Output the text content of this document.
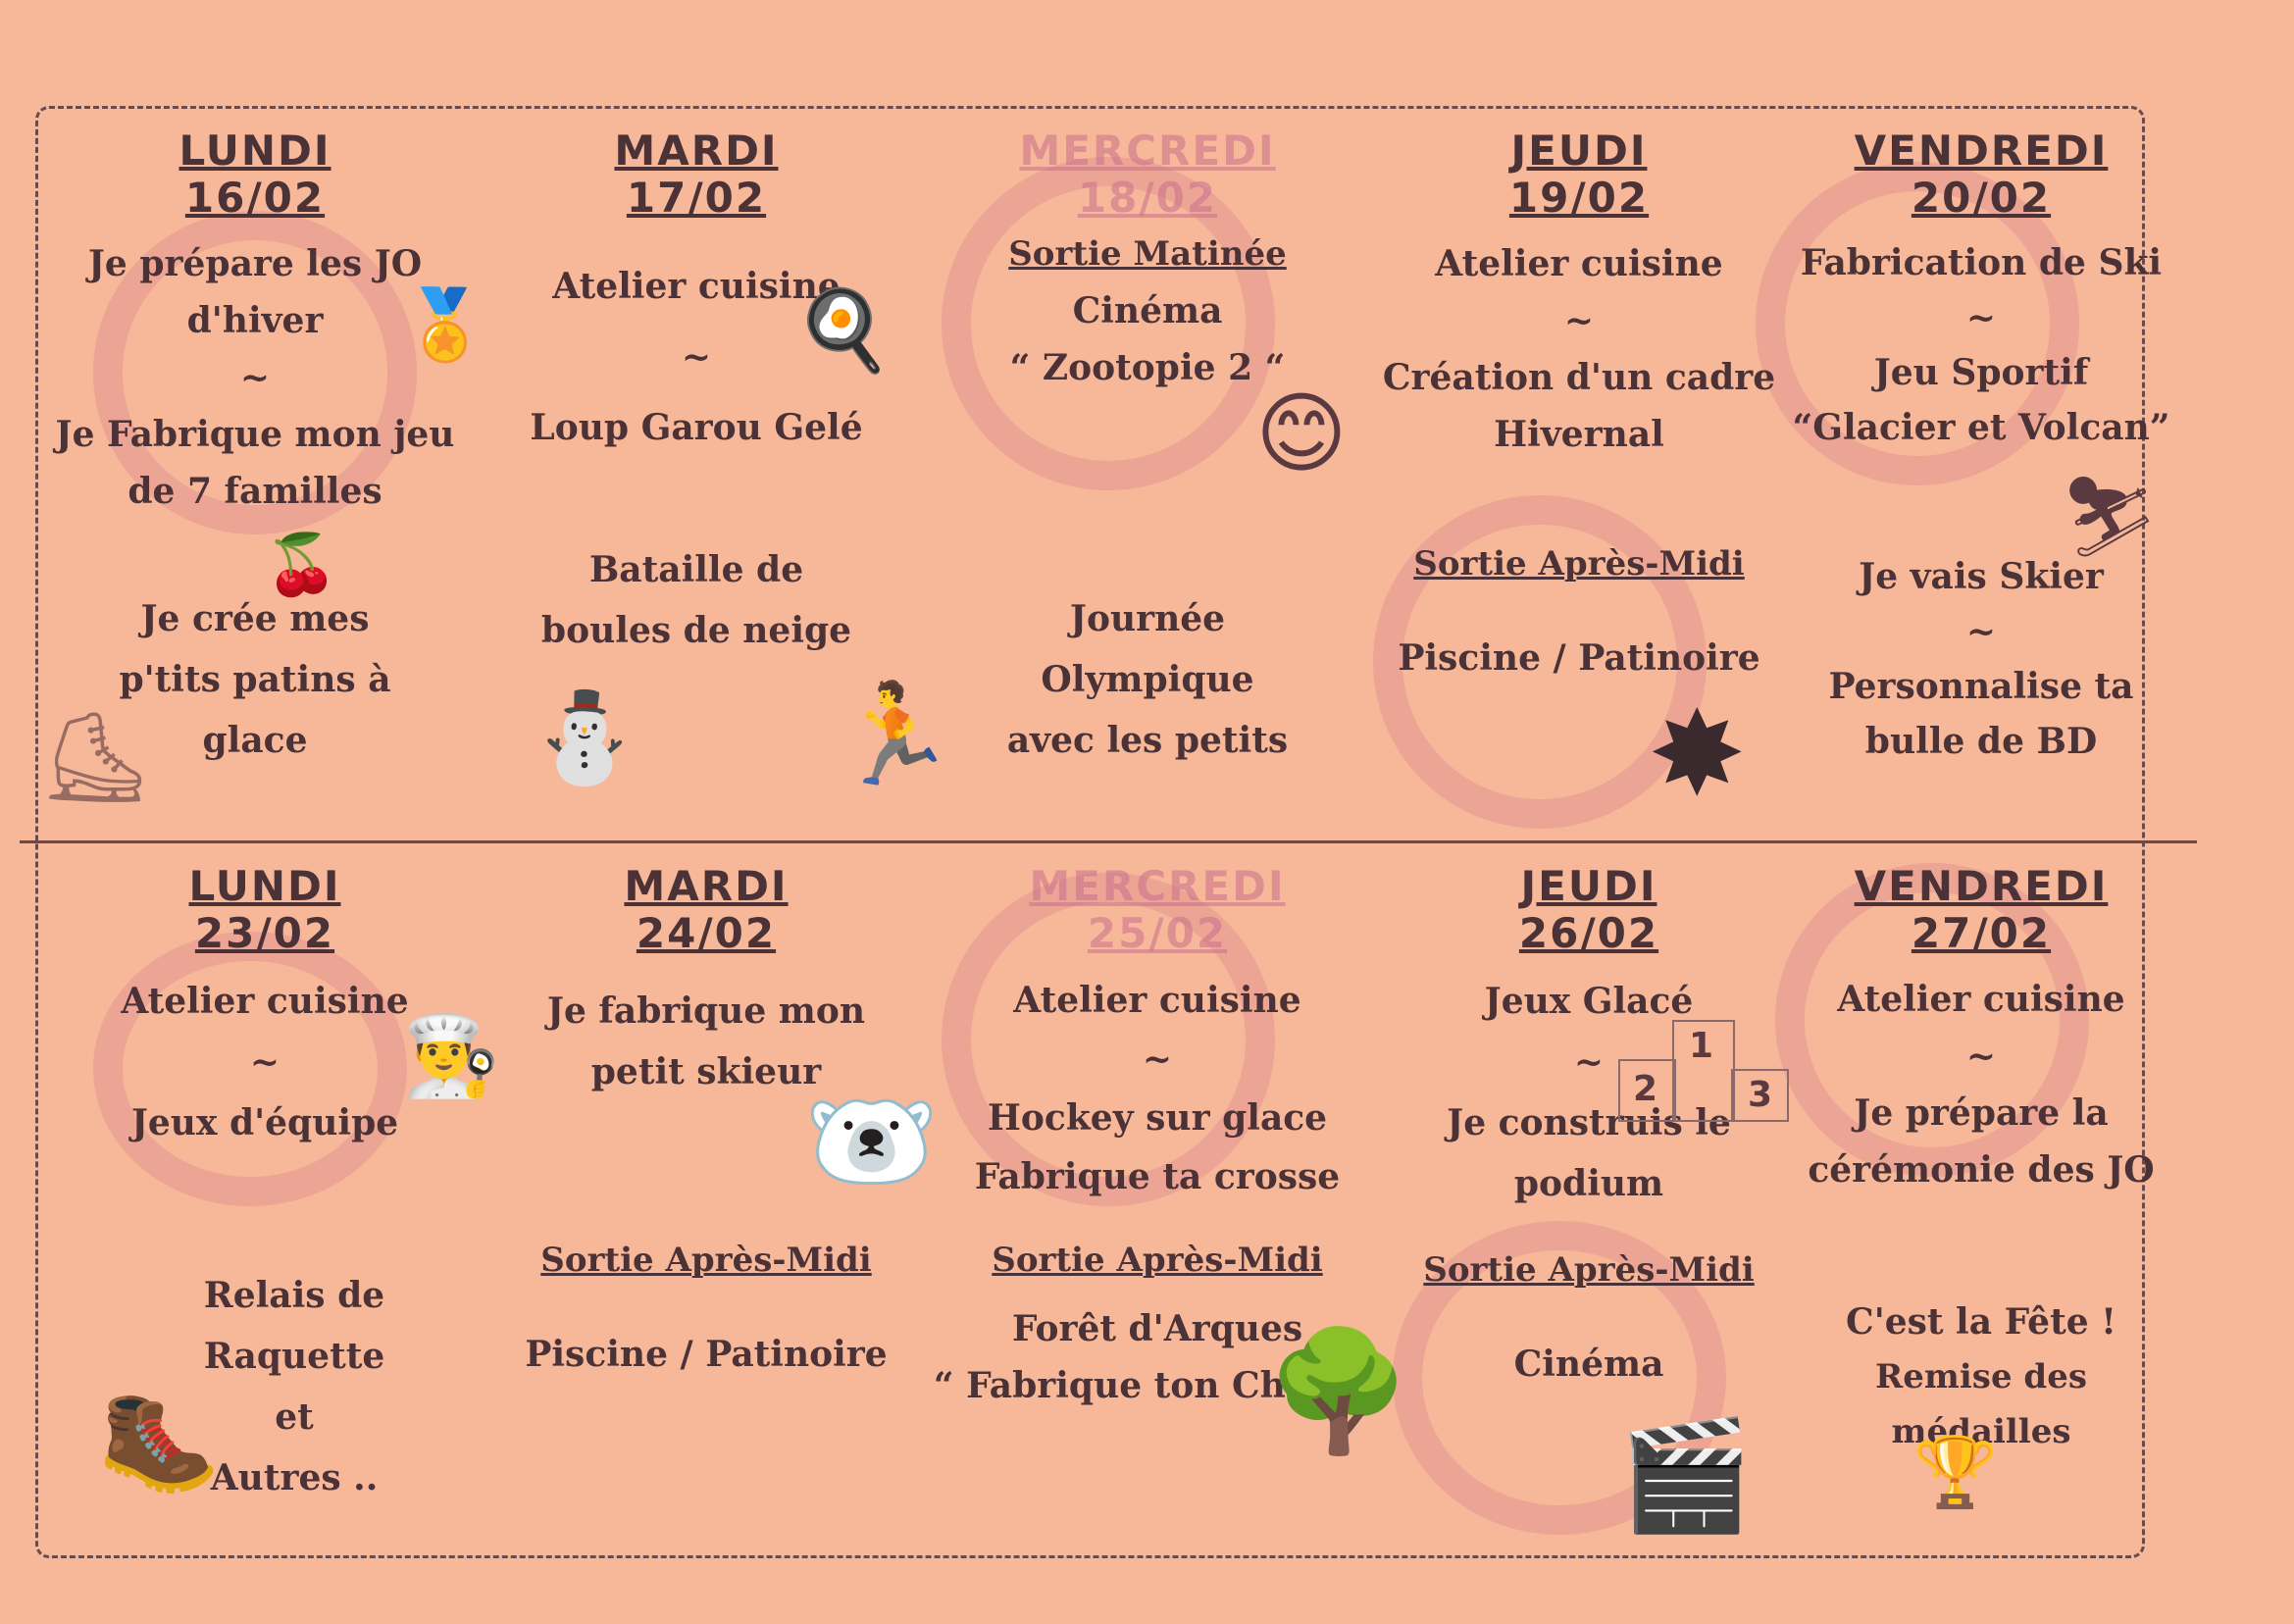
LUNDI
16/02
Je prépare les JO
d'hiver
~
Je Fabrique mon jeu
de 7 familles
Je crée mes
p'tits patins à
glace
MARDI
17/02
Atelier cuisine
~
Loup Garou Gelé
Bataille de
boules de neige
MERCREDI
18/02
Sortie Matinée
Cinéma
“ Zootopie 2 “
Journée
Olympique
avec les petits
JEUDI
19/02
Atelier cuisine
~
Création d'un cadre
Hivernal
Sortie Après-Midi
Piscine / Patinoire
VENDREDI
20/02
Fabrication de Ski
~
Jeu Sportif
“Glacier et Volcan”
Je vais Skier
~
Personnalise ta
bulle de BD
LUNDI
23/02
Atelier cuisine
~
Jeux d'équipe
Relais de
Raquette
et
Autres ..
MARDI
24/02
Je fabrique mon
petit skieur
Sortie Après-Midi
Piscine / Patinoire
MERCREDI
25/02
Atelier cuisine
~
Hockey sur glace
Fabrique ta crosse
Sortie Après-Midi
Forêt d'Arques
“ Fabrique ton Chalet”
JEUDI
26/02
Jeux Glacé
~
Je construis le
podium
Sortie Après-Midi
Cinéma
VENDREDI
27/02
Atelier cuisine
~
Je prépare la
cérémonie des JO
C'est la Fête !
Remise des médailles
🏅
🍒
⛸
🍳
⛄ 🏃
😊
⛷
✸
👨‍🍳
🐻‍❄️
1
2	3
🥾	🌳
🎬 🏆
